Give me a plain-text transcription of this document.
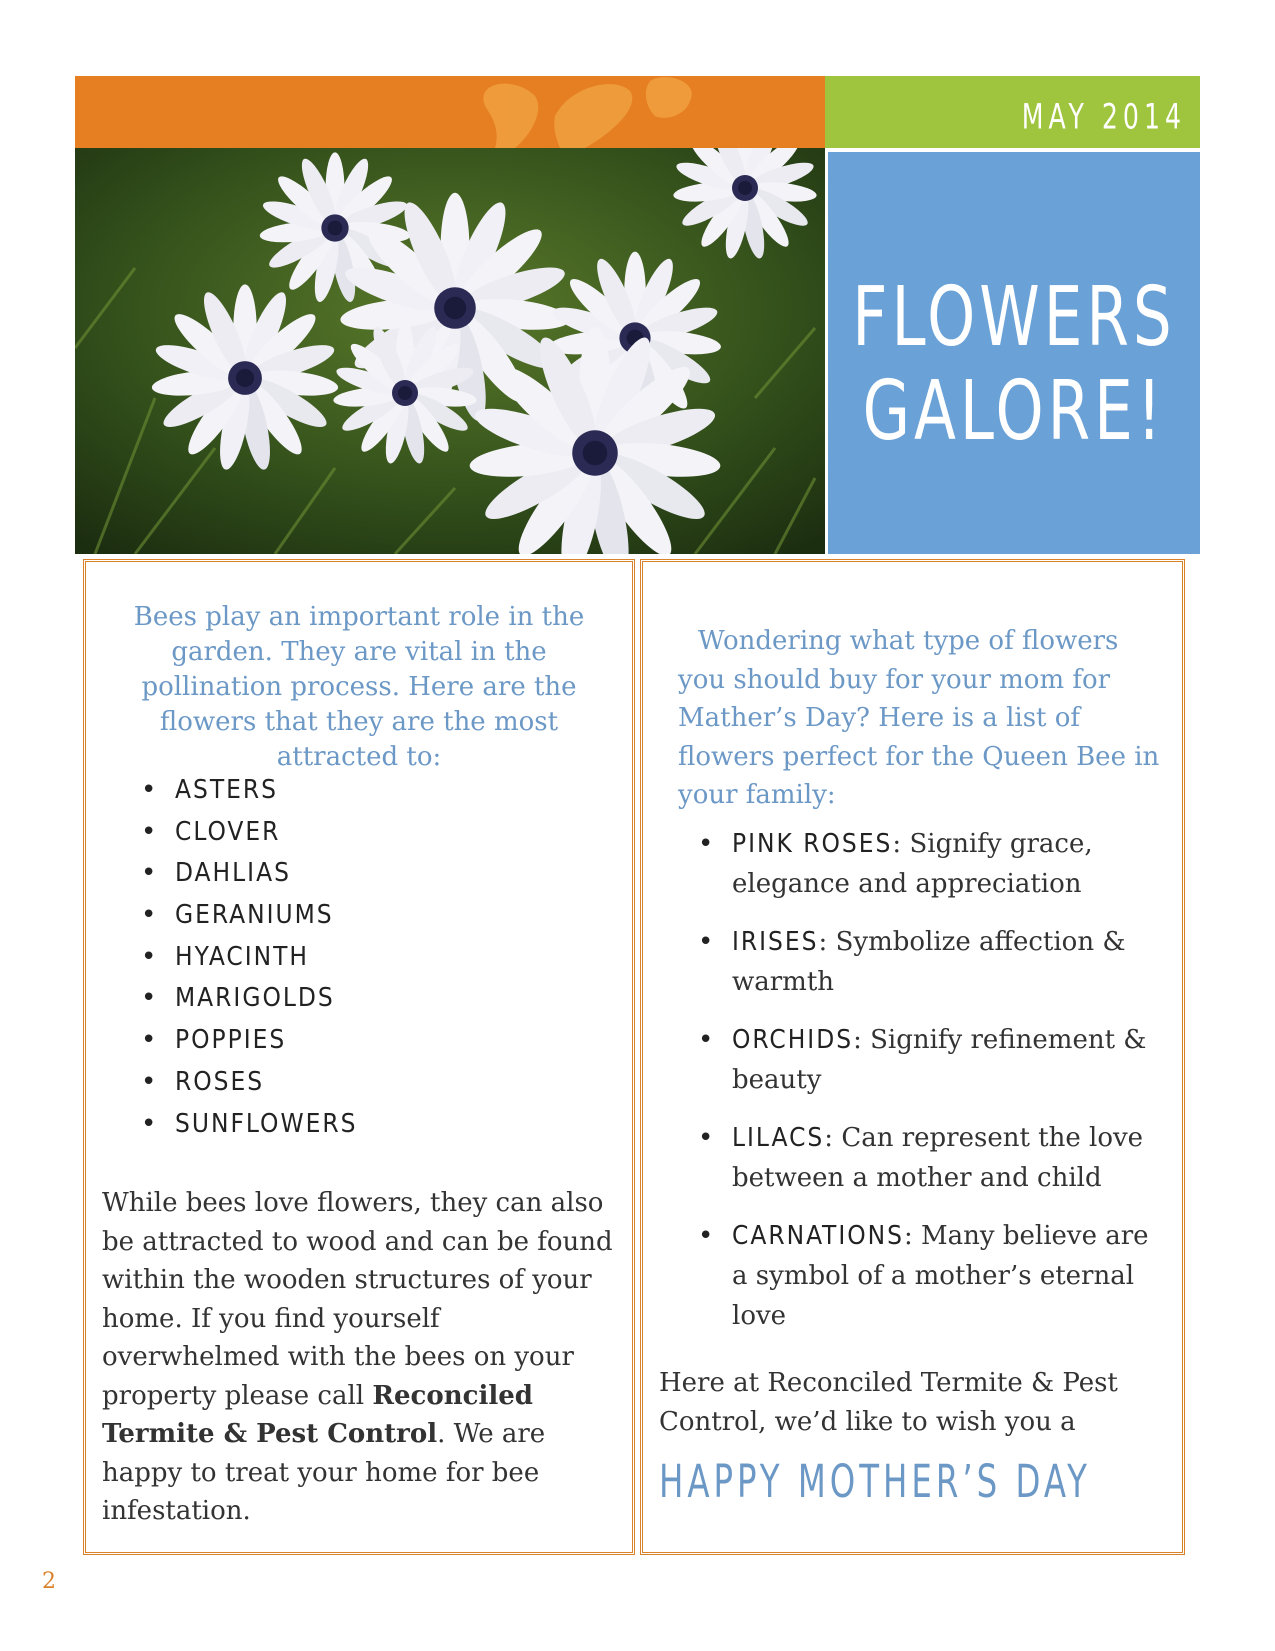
MAY 2014
FLOWERS
GALORE!
Bees play an important role in the garden. They are vital in the pollination process. Here are the flowers that they are the most attracted to:
• ASTERS
• CLOVER
• DAHLIAS
• GERANIUMS
• HYACINTH
• MARIGOLDS
• POPPIES
• ROSES
• SUNFLOWERS
While bees love flowers, they can also be attracted to wood and can be found within the wooden structures of your home. If you find yourself overwhelmed with the bees on your property please call Reconciled Termite & Pest Control. We are happy to treat your home for bee infestation.
Wondering what type of flowers
you should buy for your mom for Mather’s Day? Here is a list of flowers perfect for the Queen Bee in your family:
• PINK ROSES: Signify grace, elegance and appreciation
• IRISES: Symbolize affection & warmth
• ORCHIDS: Signify refinement & beauty
• LILACS: Can represent the love between a mother and child
• CARNATIONS: Many believe are a symbol of a mother’s eternal love
Here at Reconciled Termite & Pest Control, we’d like to wish you a
HAPPY MOTHER’S DAY
2
